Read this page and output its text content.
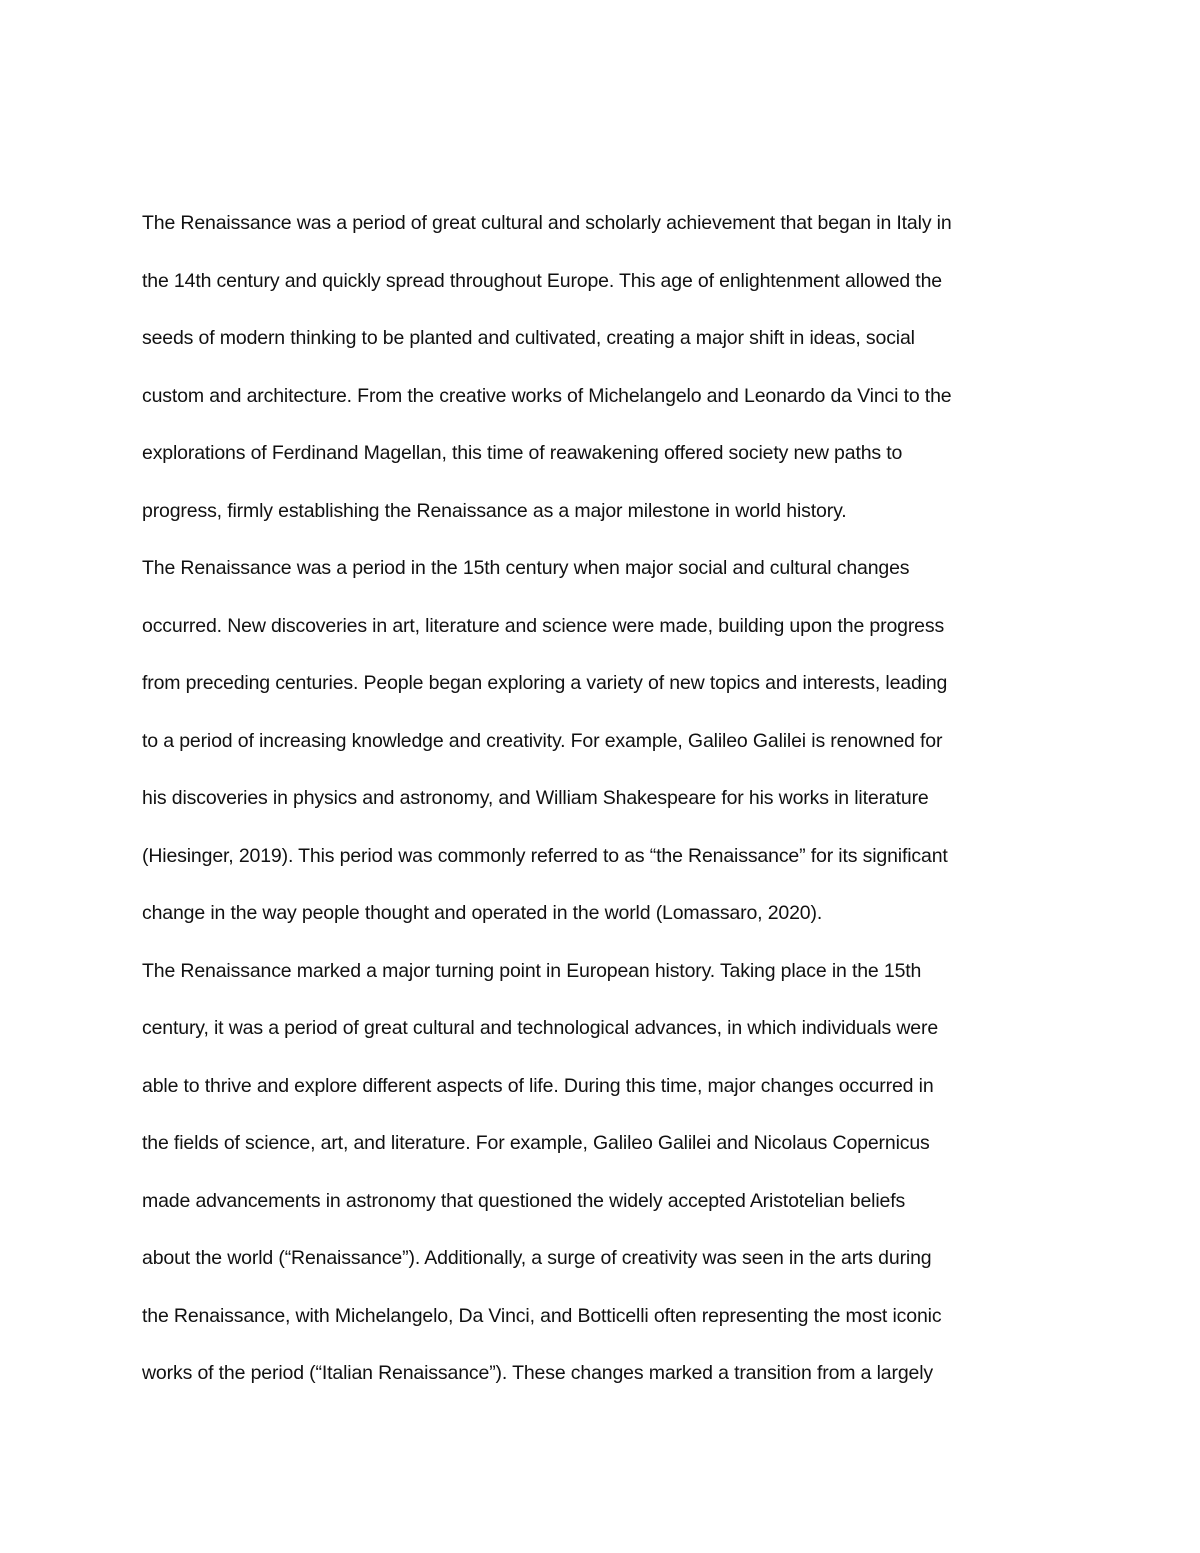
The Renaissance was a period of great cultural and scholarly achievement that began in Italy in
the 14th century and quickly spread throughout Europe. This age of enlightenment allowed the
seeds of modern thinking to be planted and cultivated, creating a major shift in ideas, social
custom and architecture. From the creative works of Michelangelo and Leonardo da Vinci to the
explorations of Ferdinand Magellan, this time of reawakening offered society new paths to
progress, firmly establishing the Renaissance as a major milestone in world history.
The Renaissance was a period in the 15th century when major social and cultural changes
occurred. New discoveries in art, literature and science were made, building upon the progress
from preceding centuries. People began exploring a variety of new topics and interests, leading
to a period of increasing knowledge and creativity. For example, Galileo Galilei is renowned for
his discoveries in physics and astronomy, and William Shakespeare for his works in literature
(Hiesinger, 2019). This period was commonly referred to as “the Renaissance” for its significant
change in the way people thought and operated in the world (Lomassaro, 2020).
The Renaissance marked a major turning point in European history. Taking place in the 15th
century, it was a period of great cultural and technological advances, in which individuals were
able to thrive and explore different aspects of life. During this time, major changes occurred in
the fields of science, art, and literature. For example, Galileo Galilei and Nicolaus Copernicus
made advancements in astronomy that questioned the widely accepted Aristotelian beliefs
about the world (“Renaissance”). Additionally, a surge of creativity was seen in the arts during
the Renaissance, with Michelangelo, Da Vinci, and Botticelli often representing the most iconic
works of the period (“Italian Renaissance”). These changes marked a transition from a largely
